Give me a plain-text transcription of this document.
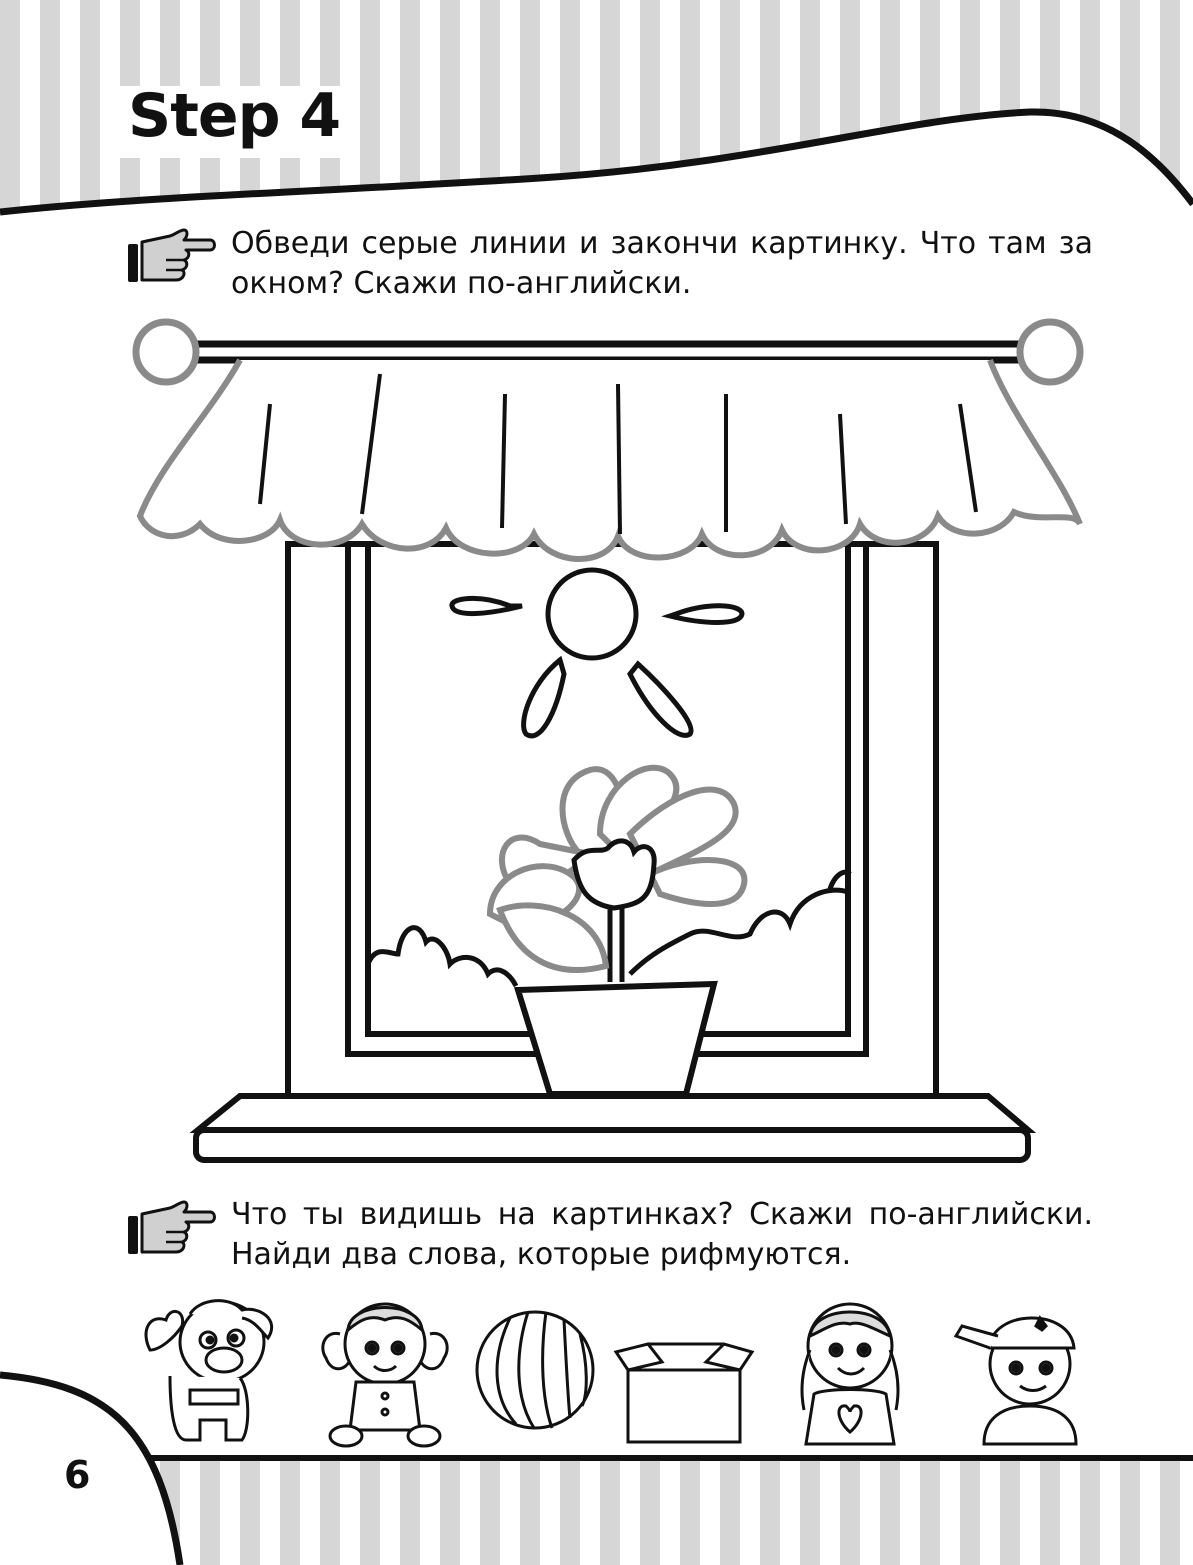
Step 4
Обведи серые линии и закончи картинку. Что там за окном? Скажи по-английски.
Что ты видишь на картинках? Скажи по-английски. Найди два слова, которые рифмуются.
6
